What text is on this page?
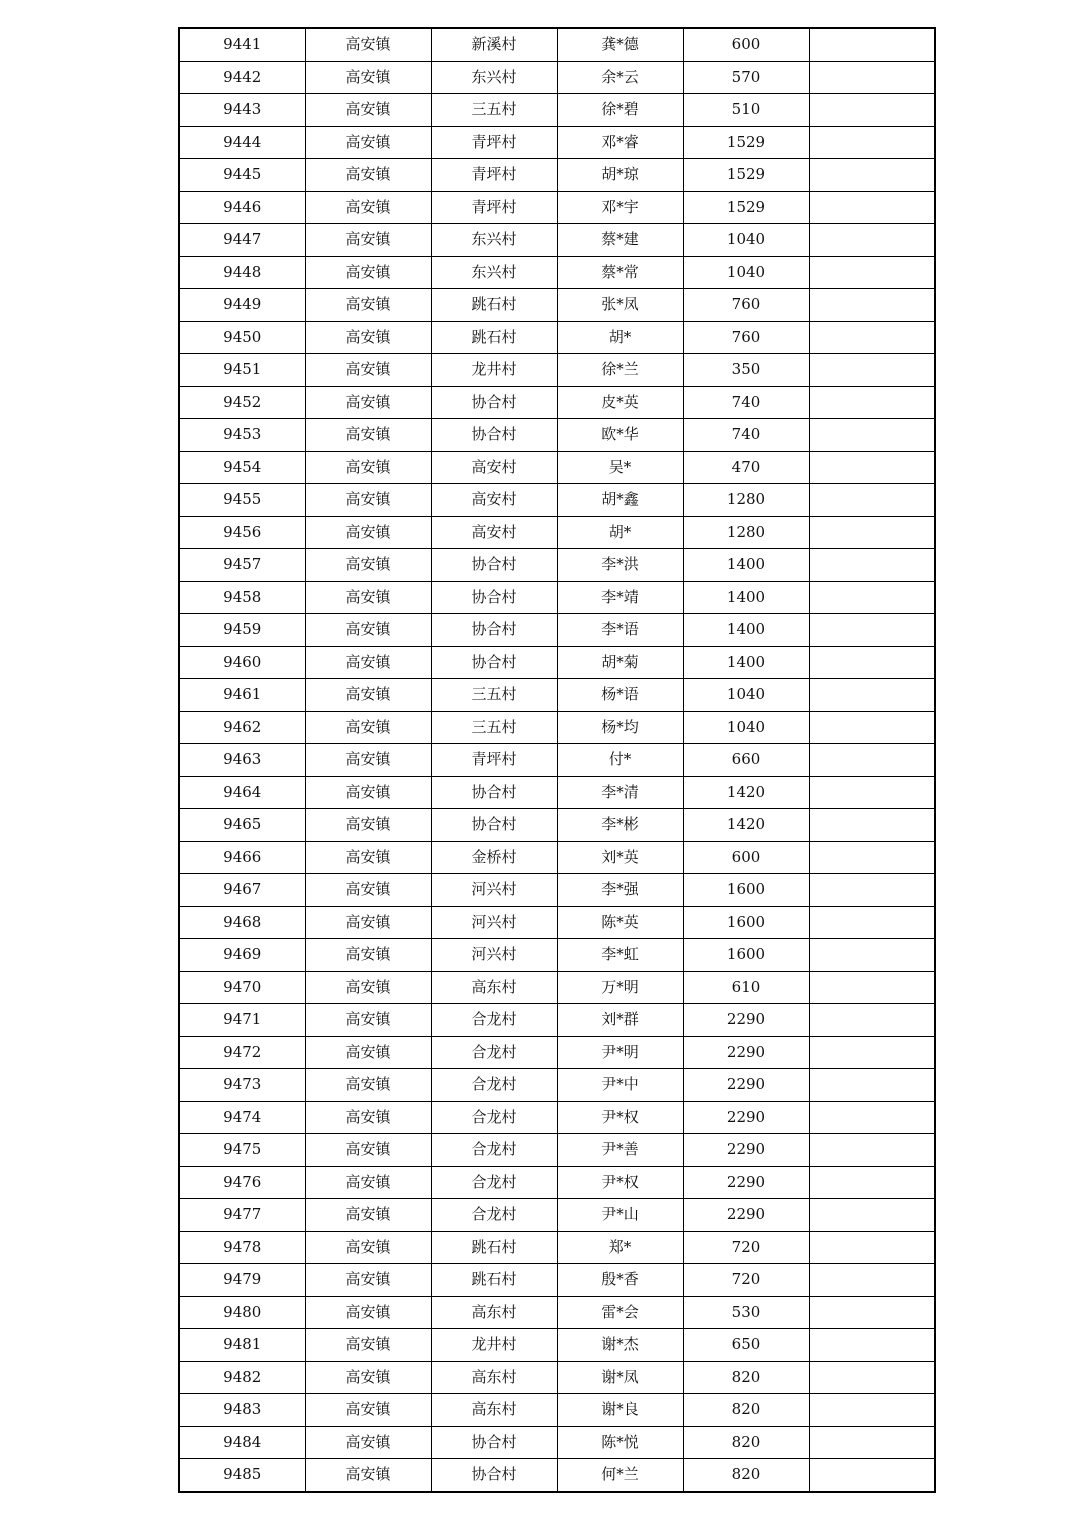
9441	高安镇	新溪村	龚*德	600	
9442	高安镇	东兴村	余*云	570	
9443	高安镇	三五村	徐*碧	510	
9444	高安镇	青坪村	邓*睿	1529	
9445	高安镇	青坪村	胡*琼	1529	
9446	高安镇	青坪村	邓*宇	1529	
9447	高安镇	东兴村	蔡*建	1040	
9448	高安镇	东兴村	蔡*常	1040	
9449	高安镇	跳石村	张*凤	760	
9450	高安镇	跳石村	胡*	760	
9451	高安镇	龙井村	徐*兰	350	
9452	高安镇	协合村	皮*英	740	
9453	高安镇	协合村	欧*华	740	
9454	高安镇	高安村	吴*	470	
9455	高安镇	高安村	胡*鑫	1280	
9456	高安镇	高安村	胡*	1280	
9457	高安镇	协合村	李*洪	1400	
9458	高安镇	协合村	李*靖	1400	
9459	高安镇	协合村	李*语	1400	
9460	高安镇	协合村	胡*菊	1400	
9461	高安镇	三五村	杨*语	1040	
9462	高安镇	三五村	杨*均	1040	
9463	高安镇	青坪村	付*	660	
9464	高安镇	协合村	李*清	1420	
9465	高安镇	协合村	李*彬	1420	
9466	高安镇	金桥村	刘*英	600	
9467	高安镇	河兴村	李*强	1600	
9468	高安镇	河兴村	陈*英	1600	
9469	高安镇	河兴村	李*虹	1600	
9470	高安镇	高东村	万*明	610	
9471	高安镇	合龙村	刘*群	2290	
9472	高安镇	合龙村	尹*明	2290	
9473	高安镇	合龙村	尹*中	2290	
9474	高安镇	合龙村	尹*权	2290	
9475	高安镇	合龙村	尹*善	2290	
9476	高安镇	合龙村	尹*权	2290	
9477	高安镇	合龙村	尹*山	2290	
9478	高安镇	跳石村	郑*	720	
9479	高安镇	跳石村	殷*香	720	
9480	高安镇	高东村	雷*会	530	
9481	高安镇	龙井村	谢*杰	650	
9482	高安镇	高东村	谢*凤	820	
9483	高安镇	高东村	谢*良	820	
9484	高安镇	协合村	陈*悦	820	
9485	高安镇	协合村	何*兰	820	
